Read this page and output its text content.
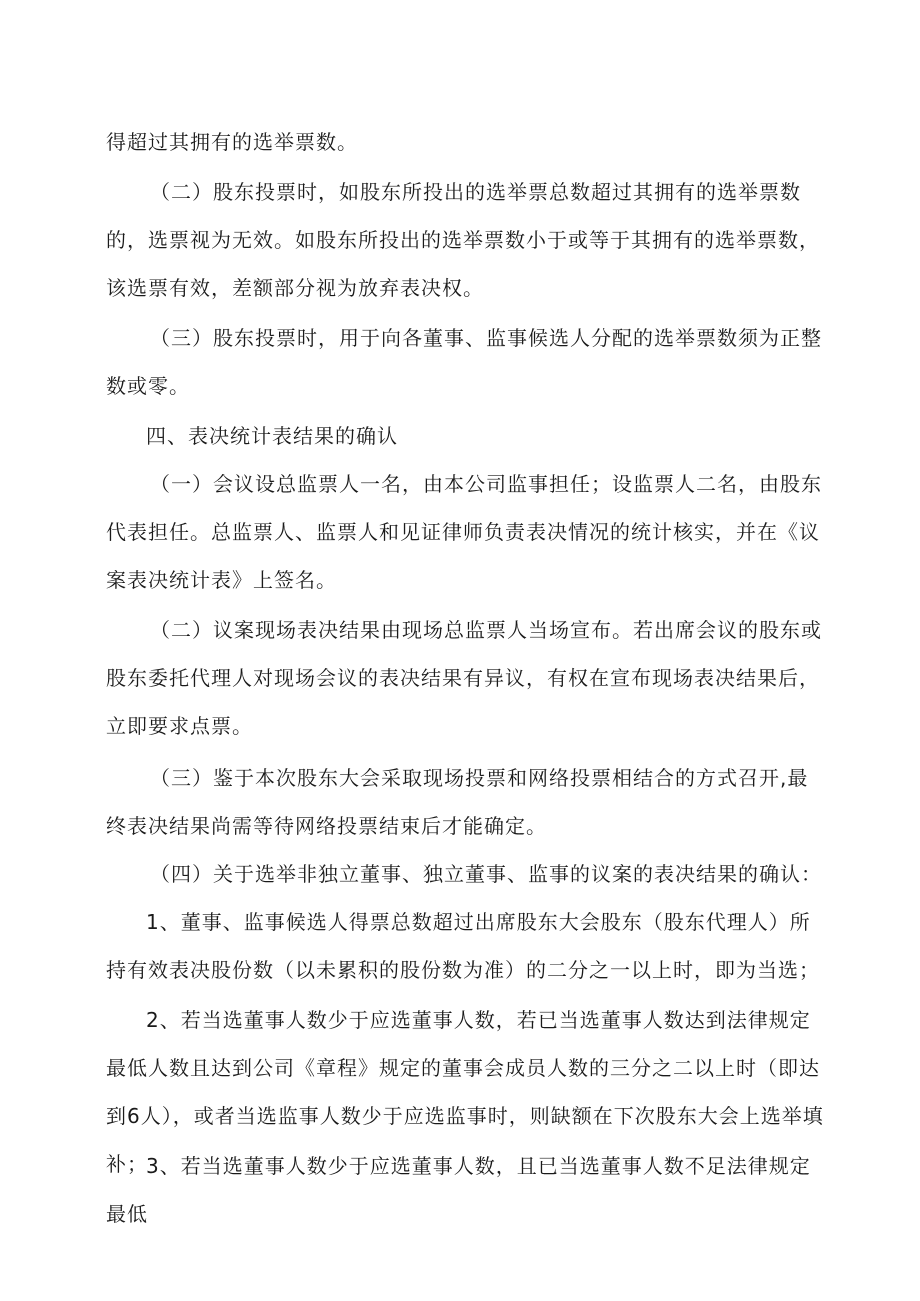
得超过其拥有的选举票数。

（二）股东投票时，如股东所投出的选举票总数超过其拥有的选举票数的，选票视为无效。如股东所投出的选举票数小于或等于其拥有的选举票数，该选票有效，差额部分视为放弃表决权。

（三）股东投票时，用于向各董事、监事候选人分配的选举票数须为正整数或零。

四、表决统计表结果的确认

（一）会议设总监票人一名，由本公司监事担任；设监票人二名，由股东代表担任。总监票人、监票人和见证律师负责表决情况的统计核实，并在《议案表决统计表》上签名。

（二）议案现场表决结果由现场总监票人当场宣布。若出席会议的股东或股东委托代理人对现场会议的表决结果有异议，有权在宣布现场表决结果后，立即要求点票。

（三）鉴于本次股东大会采取现场投票和网络投票相结合的方式召开,最终表决结果尚需等待网络投票结束后才能确定。

（四）关于选举非独立董事、独立董事、监事的议案的表决结果的确认：

1、董事、监事候选人得票总数超过出席股东大会股东（股东代理人）所持有效表决股份数（以未累积的股份数为准）的二分之一以上时，即为当选；

2、若当选董事人数少于应选董事人数，若已当选董事人数达到法律规定最低人数且达到公司《章程》规定的董事会成员人数的三分之二以上时（即达到6人），或者当选监事人数少于应选监事时，则缺额在下次股东大会上选举填补；

3、若当选董事人数少于应选董事人数，且已当选董事人数不足法律规定最低
